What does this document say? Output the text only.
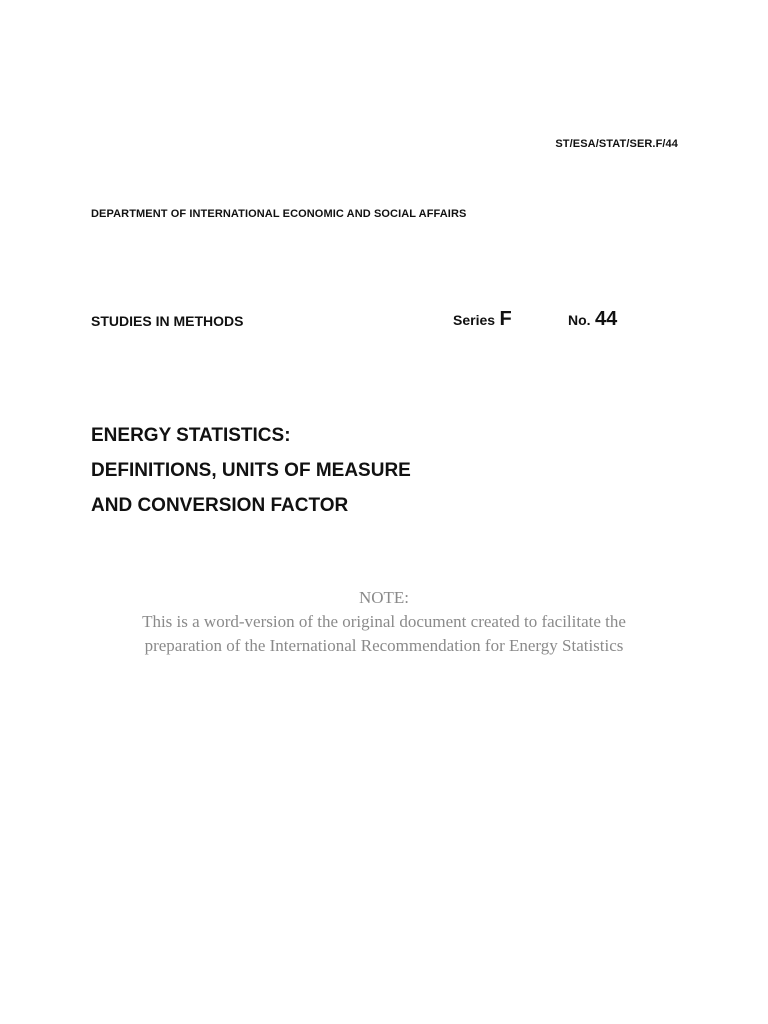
ST/ESA/STAT/SER.F/44
DEPARTMENT OF INTERNATIONAL ECONOMIC AND SOCIAL AFFAIRS
STUDIES IN METHODS	Series F	No. 44
ENERGY STATISTICS:
DEFINITIONS, UNITS OF MEASURE
AND CONVERSION FACTOR
NOTE:
This is a word-version of the original document created to facilitate the
preparation of the International Recommendation for Energy Statistics
